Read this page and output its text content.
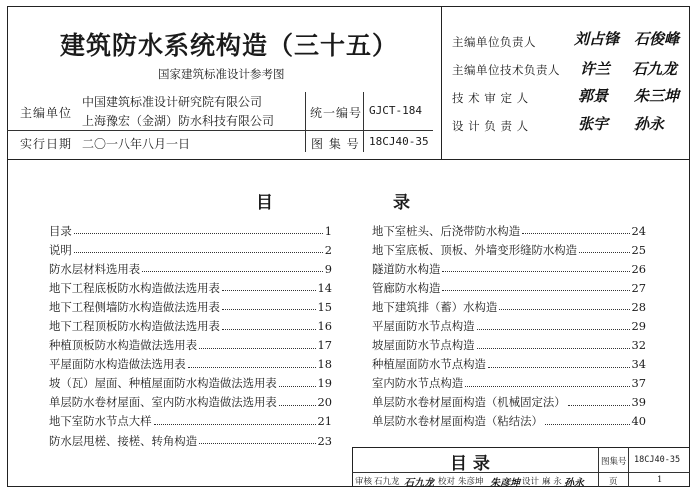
建筑防水系统构造（三十五）
国家建筑标准设计参考图
主编单位
中国建筑标准设计研究院有限公司
上海豫宏（金湖）防水科技有限公司
统一编号 GJCT-184
实行日期 二〇一八年八月一日	图 集 号 18CJ40-35
主编单位负责人	刘占锋 石俊峰
主编单位技术负责人 许兰 石九龙
技 术 审 定 人	郭景 朱三坤
设 计 负 责 人	张宇 孙永
目	录
目录	1
说明	2
防水层材料选用表	9
地下工程底板防水构造做法选用表	14
地下工程侧墙防水构造做法选用表	15
地下工程顶板防水构造做法选用表	16
种植顶板防水构造做法选用表	17
平屋面防水构造做法选用表	18
坡（瓦）屋面、种植屋面防水构造做法选用表	19
单层防水卷材屋面、室内防水构造做法选用表	20
地下室防水节点大样	21
防水层甩槎、接槎、转角构造	23
地下室桩头、后浇带防水构造	24
地下室底板、顶板、外墙变形缝防水构造	25
隧道防水构造	26
管廊防水构造	27
地下建筑排（蓄）水构造	28
平屋面防水节点构造	29
坡屋面防水节点构造	32
种植屋面防水节点构造	34
室内防水节点构造	37
单层防水卷材屋面构造（机械固定法）	39
单层防水卷材屋面构造（粘结法）	40
目 录	图集号 18CJ40-35
审核 石九龙 石九龙 校对 朱彦坤 朱彦坤 设计 麻 永 孙永	页	1
